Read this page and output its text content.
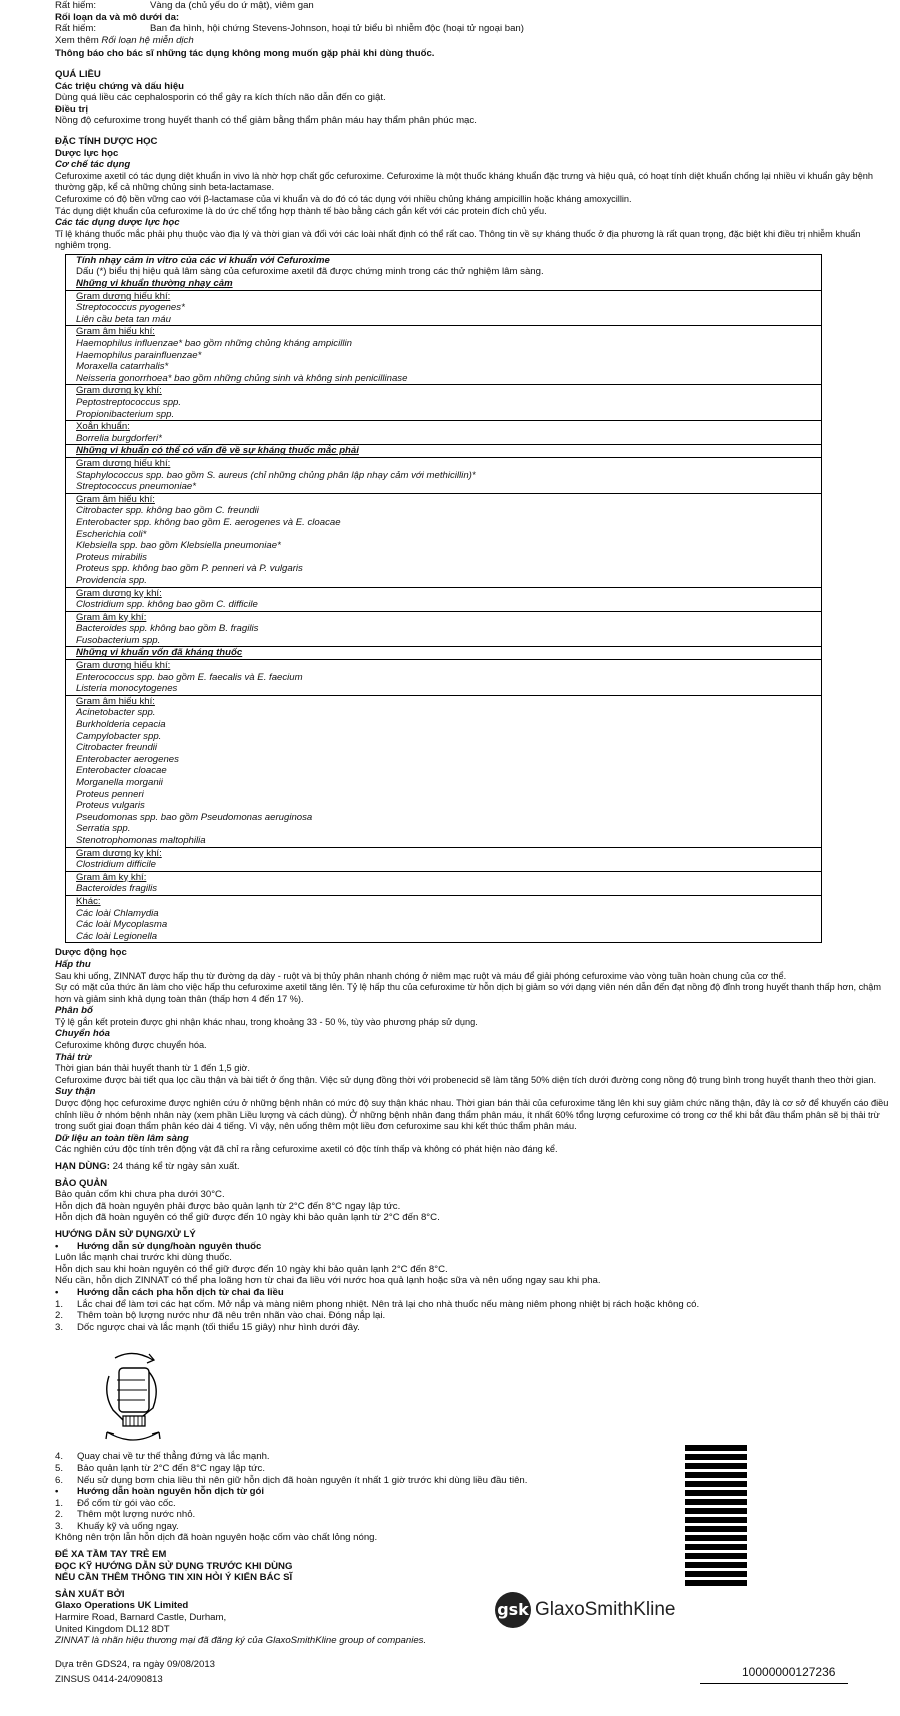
Rất hiếm:	Vàng da (chủ yếu do ứ mật), viêm gan
Rối loạn da và mô dưới da:
Rất hiếm:	Ban đa hình, hội chứng Stevens-Johnson, hoại tử biểu bì nhiễm độc (hoại tử ngoại ban)
Xem thêm Rối loạn hệ miễn dịch
Thông báo cho bác sĩ những tác dụng không mong muốn gặp phải khi dùng thuốc.
QUÁ LIỀU
Các triệu chứng và dấu hiệu
Dùng quá liều các cephalosporin có thể gây ra kích thích não dẫn đến co giật.
Điều trị
Nồng độ cefuroxime trong huyết thanh có thể giảm bằng thẩm phân máu hay thẩm phân phúc mạc.
ĐẶC TÍNH DƯỢC HỌC
Dược lực học
Cơ chế tác dụng
Cefuroxime axetil có tác dụng diệt khuẩn in vivo là nhờ hợp chất gốc cefuroxime. Cefuroxime là một thuốc kháng khuẩn đặc trưng và hiệu quả, có hoạt tính diệt khuẩn chống lại nhiều vi khuẩn gây bệnh
thường gặp, kể cả những chủng sinh beta-lactamase.
Cefuroxime có độ bền vững cao với β-lactamase của vi khuẩn và do đó có tác dụng với nhiều chủng kháng ampicillin hoặc kháng amoxycillin.
Tác dụng diệt khuẩn của cefuroxime là do ức chế tổng hợp thành tế bào bằng cách gắn kết với các protein đích chủ yếu.
Các tác dụng dược lực học
Tỉ lệ kháng thuốc mắc phải phụ thuộc vào địa lý và thời gian và đối với các loài nhất định có thể rất cao. Thông tin về sự kháng thuốc ở địa phương là rất quan trọng, đặc biệt khi điều trị nhiễm khuẩn
nghiêm trọng.
Tính nhạy cảm in vitro của các vi khuẩn với Cefuroxime
Dấu (*) biểu thị hiệu quả lâm sàng của cefuroxime axetil đã được chứng minh trong các thử nghiệm lâm sàng.
Những vi khuẩn thường nhạy cảm
Gram dương hiếu khí:
Streptococcus pyogenes*
Liên cầu beta tan máu
Gram âm hiếu khí:
Haemophilus influenzae* bao gồm những chủng kháng ampicillin
Haemophilus parainfluenzae*
Moraxella catarrhalis*
Neisseria gonorrhoea* bao gồm những chủng sinh và không sinh penicillinase
Gram dương kỵ khí:
Peptostreptococcus spp.
Propionibacterium spp.
Xoắn khuẩn:
Borrelia burgdorferi*
Những vi khuẩn có thể có vấn đề về sự kháng thuốc mắc phải
Gram dương hiếu khí:
Staphylococcus spp. bao gồm S. aureus (chỉ những chủng phân lập nhạy cảm với methicillin)*
Streptococcus pneumoniae*
Gram âm hiếu khí:
Citrobacter spp. không bao gồm C. freundii
Enterobacter spp. không bao gồm E. aerogenes và E. cloacae
Escherichia coli*
Klebsiella spp. bao gồm Klebsiella pneumoniae*
Proteus mirabilis
Proteus spp. không bao gồm P. penneri và P. vulgaris
Providencia spp.
Gram dương kỵ khí:
Clostridium spp. không bao gồm C. difficile
Gram âm kỵ khí:
Bacteroides spp. không bao gồm B. fragilis
Fusobacterium spp.
Những vi khuẩn vốn đã kháng thuốc
Gram dương hiếu khí:
Enterococcus spp. bao gồm E. faecalis và E. faecium
Listeria monocytogenes
Gram âm hiếu khí:
Acinetobacter spp.
Burkholderia cepacia
Campylobacter spp.
Citrobacter freundii
Enterobacter aerogenes
Enterobacter cloacae
Morganella morganii
Proteus penneri
Proteus vulgaris
Pseudomonas spp. bao gồm Pseudomonas aeruginosa
Serratia spp.
Stenotrophomonas maltophilia
Gram dương kỵ khí:
Clostridium difficile
Gram âm kỵ khí:
Bacteroides fragilis
Khác:
Các loài Chlamydia
Các loài Mycoplasma
Các loài Legionella
Dược động học
Hấp thu
Sau khi uống, ZINNAT được hấp thụ từ đường dạ dày - ruột và bị thủy phân nhanh chóng ở niêm mạc ruột và máu để giải phóng cefuroxime vào vòng tuần hoàn chung của cơ thể.
Sự có mặt của thức ăn làm cho việc hấp thu cefuroxime axetil tăng lên. Tỷ lệ hấp thu của cefuroxime từ hỗn dịch bị giảm so với dạng viên nén dẫn đến đạt nồng độ đỉnh trong huyết thanh thấp hơn, chậm
hơn và giảm sinh khả dụng toàn thân (thấp hơn 4 đến 17 %).
Phân bố
Tỷ lệ gắn kết protein được ghi nhận khác nhau, trong khoảng 33 - 50 %, tùy vào phương pháp sử dụng.
Chuyển hóa
Cefuroxime không được chuyển hóa.
Thải trừ
Thời gian bán thải huyết thanh từ 1 đến 1,5 giờ.
Cefuroxime được bài tiết qua lọc cầu thận và bài tiết ở ống thận. Việc sử dụng đồng thời với probenecid sẽ làm tăng 50% diện tích dưới đường cong nồng độ trung bình trong huyết thanh theo thời gian.
Suy thận
Dược động học cefuroxime được nghiên cứu ở những bệnh nhân có mức độ suy thận khác nhau. Thời gian bán thải của cefuroxime tăng lên khi suy giảm chức năng thận, đây là cơ sở để khuyến cáo điều
chỉnh liều ở nhóm bệnh nhân này (xem phần Liều lượng và cách dùng). Ở những bệnh nhân đang thẩm phân máu, ít nhất 60% tổng lượng cefuroxime có trong cơ thể khi bắt đầu thẩm phân sẽ bị thải trừ
trong suốt giai đoạn thẩm phân kéo dài 4 tiếng. Vì vậy, nên uống thêm một liều đơn cefuroxime sau khi kết thúc thẩm phân máu.
Dữ liệu an toàn tiền lâm sàng
Các nghiên cứu độc tính trên động vật đã chỉ ra rằng cefuroxime axetil có độc tính thấp và không có phát hiện nào đáng kể.
HẠN DÙNG: 24 tháng kể từ ngày sản xuất.
BẢO QUẢN
Bảo quản cốm khi chưa pha dưới 30°C.
Hỗn dịch đã hoàn nguyên phải được bảo quản lạnh từ 2°C đến 8°C ngay lập tức.
Hỗn dịch đã hoàn nguyên có thể giữ được đến 10 ngày khi bảo quản lạnh từ 2°C đến 8°C.
HƯỚNG DẪN SỬ DỤNG/XỬ LÝ
•	Hướng dẫn sử dụng/hoàn nguyên thuốc
Luôn lắc mạnh chai trước khi dùng thuốc.
Hỗn dịch sau khi hoàn nguyên có thể giữ được đến 10 ngày khi bảo quản lạnh 2°C đến 8°C.
Nếu cần, hỗn dịch ZINNAT có thể pha loãng hơn từ chai đa liều với nước hoa quả lạnh hoặc sữa và nên uống ngay sau khi pha.
•	Hướng dẫn cách pha hỗn dịch từ chai đa liều
1.	Lắc chai để làm tơi các hạt cốm. Mở nắp và màng niêm phong nhiệt. Nên trả lại cho nhà thuốc nếu màng niêm phong nhiệt bị rách hoặc không có.
2.	Thêm toàn bộ lượng nước như đã nêu trên nhãn vào chai. Đóng nắp lại.
3.	Dốc ngược chai và lắc mạnh (tối thiểu 15 giây) như hình dưới đây.
4.	Quay chai về tư thế thẳng đứng và lắc mạnh.
5.	Bảo quản lạnh từ 2°C đến 8°C ngay lập tức.
6.	Nếu sử dụng bơm chia liều thì nên giữ hỗn dịch đã hoàn nguyên ít nhất 1 giờ trước khi dùng liều đầu tiên.
•	Hướng dẫn hoàn nguyên hỗn dịch từ gói
1.	Đổ cốm từ gói vào cốc.
2.	Thêm một lượng nước nhỏ.
3.	Khuấy kỹ và uống ngay.
Không nên trộn lẫn hỗn dịch đã hoàn nguyên hoặc cốm vào chất lỏng nóng.
ĐỂ XA TẦM TAY TRẺ EM
ĐỌC KỸ HƯỚNG DẪN SỬ DỤNG TRƯỚC KHI DÙNG
NẾU CẦN THÊM THÔNG TIN XIN HỎI Ý KIẾN BÁC SĨ
SẢN XUẤT BỞI
Glaxo Operations UK Limited
Harmire Road, Barnard Castle, Durham,
United Kingdom DL12 8DT
ZINNAT là nhãn hiệu thương mại đã đăng ký của GlaxoSmithKline group of companies.
Dựa trên GDS24, ra ngày 09/08/2013
ZINSUS 0414-24/090813
gsk GlaxoSmithKline
10000000127236
